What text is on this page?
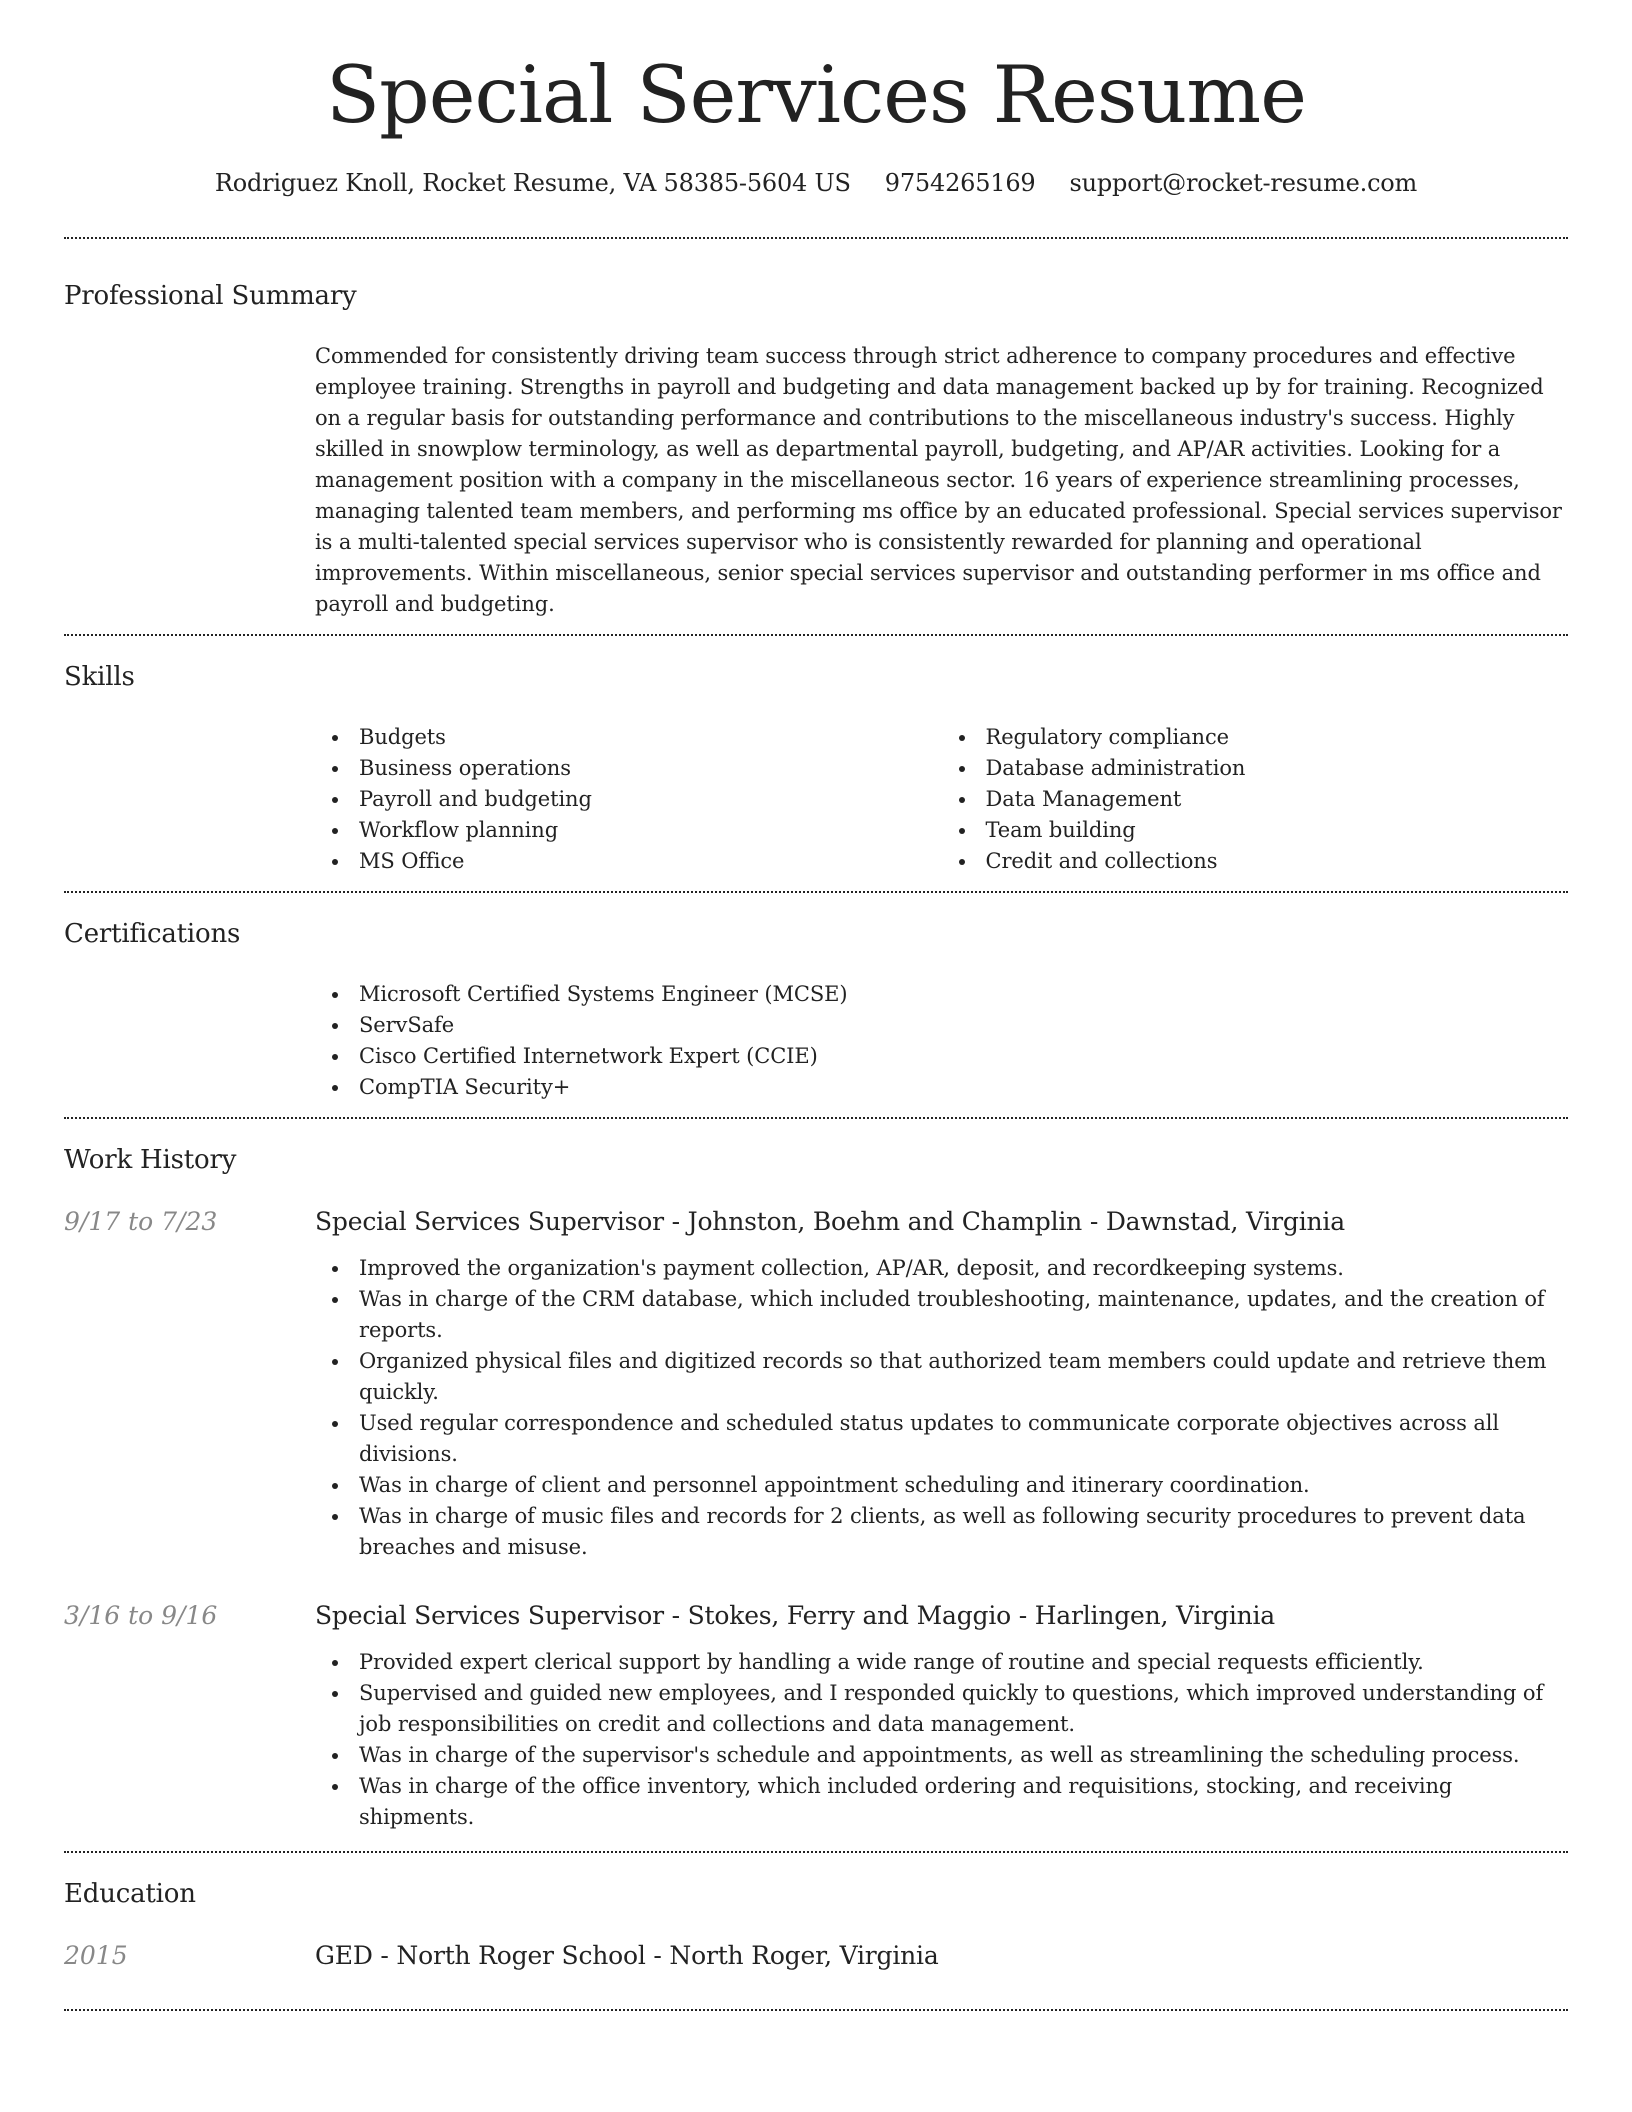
Special Services Resume
Rodriguez Knoll, Rocket Resume, VA 58385-5604 US 9754265169 support@rocket-resume.com
Professional Summary

Commended for consistently driving team success through strict adherence to company procedures and effective employee training. Strengths in payroll and budgeting and data management backed up by for training. Recognized on a regular basis for outstanding performance and contributions to the miscellaneous industry's success. Highly skilled in snowplow terminology, as well as departmental payroll, budgeting, and AP/AR activities. Looking for a management position with a company in the miscellaneous sector. 16 years of experience streamlining processes, managing talented team members, and performing ms office by an educated professional. Special services supervisor is a multi-talented special services supervisor who is consistently rewarded for planning and operational improvements. Within miscellaneous, senior special services supervisor and outstanding performer in ms office and payroll and budgeting.

Skills
Budgets
Business operations
Payroll and budgeting
Workflow planning
MS Office
Regulatory compliance
Database administration
Data Management
Team building
Credit and collections
Certifications
Microsoft Certified Systems Engineer (MCSE)
ServSafe
Cisco Certified Internetwork Expert (CCIE)
CompTIA Security+
Work History
9/17 to 7/23	Special Services Supervisor - Johnston, Boehm and Champlin - Dawnstad, Virginia
Improved the organization's payment collection, AP/AR, deposit, and recordkeeping systems.
Was in charge of the CRM database, which included troubleshooting, maintenance, updates, and the creation of reports.
Organized physical files and digitized records so that authorized team members could update and retrieve them quickly.
Used regular correspondence and scheduled status updates to communicate corporate objectives across all divisions.
Was in charge of client and personnel appointment scheduling and itinerary coordination.
Was in charge of music files and records for 2 clients, as well as following security procedures to prevent data breaches and misuse.
3/16 to 9/16	Special Services Supervisor - Stokes, Ferry and Maggio - Harlingen, Virginia
Provided expert clerical support by handling a wide range of routine and special requests efficiently.
Supervised and guided new employees, and I responded quickly to questions, which improved understanding of job responsibilities on credit and collections and data management.
Was in charge of the supervisor's schedule and appointments, as well as streamlining the scheduling process.
Was in charge of the office inventory, which included ordering and requisitions, stocking, and receiving shipments.
Education
2015	GED - North Roger School - North Roger, Virginia
